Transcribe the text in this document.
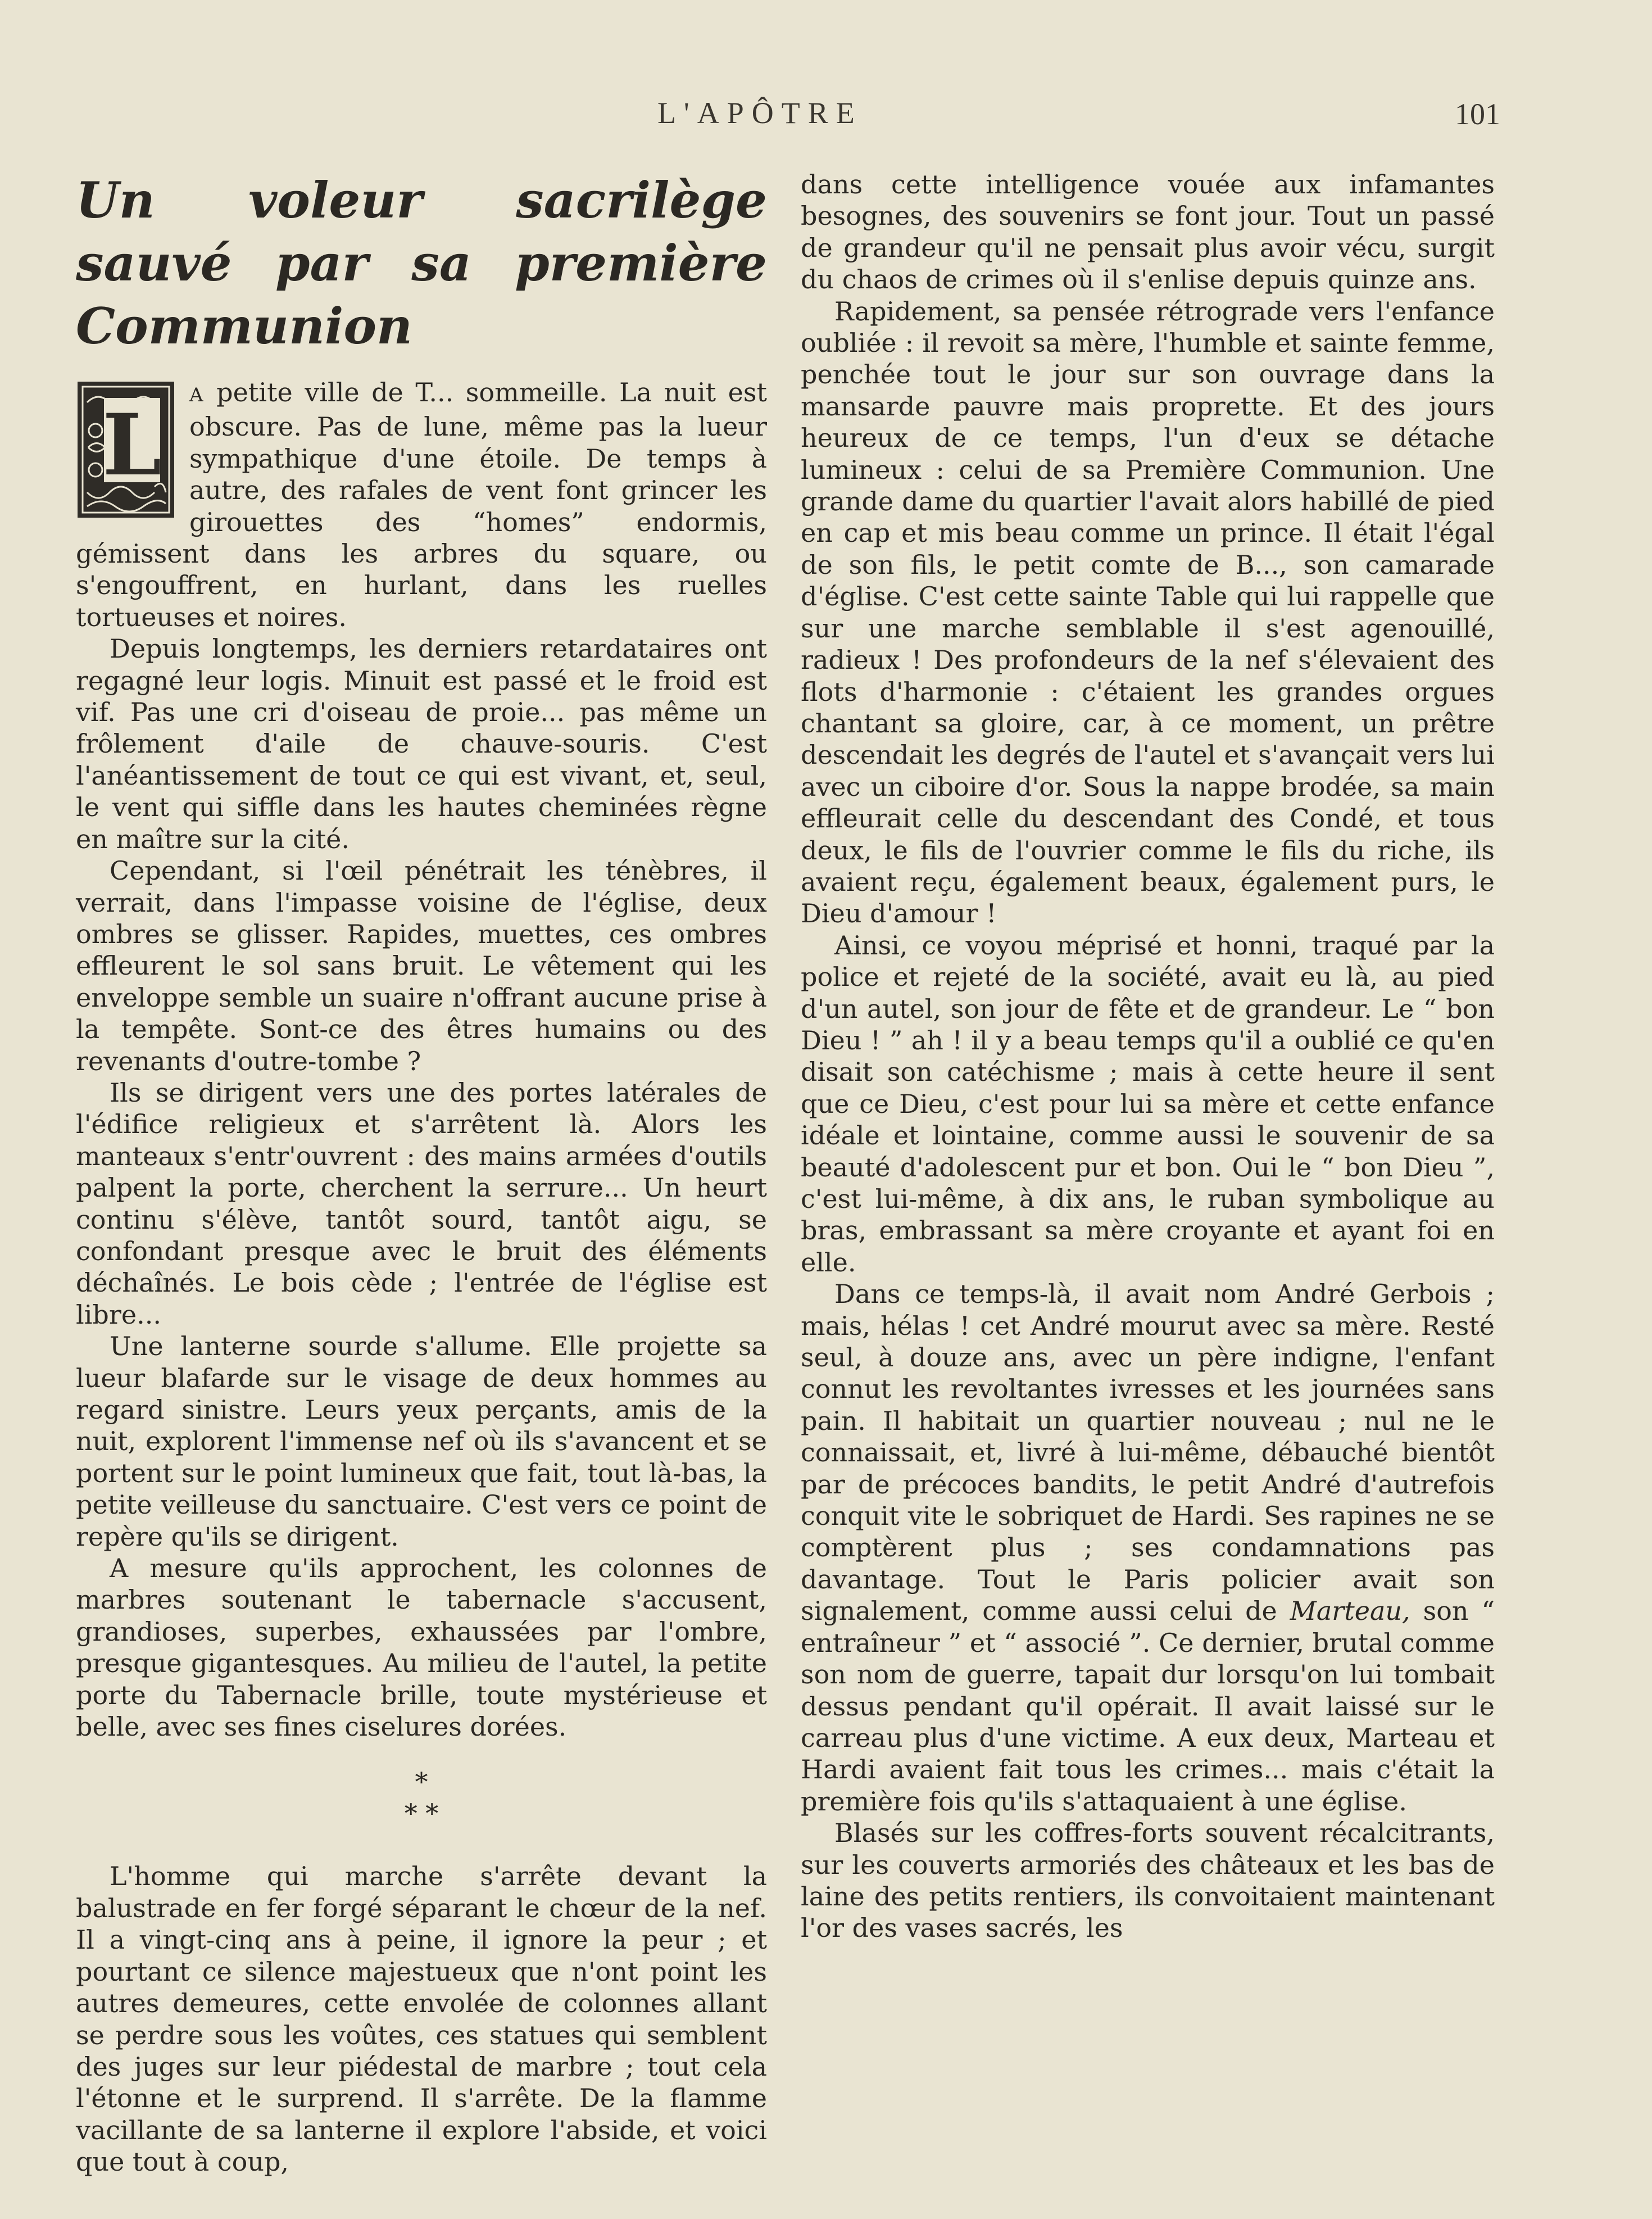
L'APÔTRE	101
Un voleur sacrilège sauvé par sa première Communion

L
A petite ville de T... sommeille. La nuit est obscure. Pas de lune, même pas la lueur sympathique d'une étoile. De temps à autre, des rafales de vent font grincer les girouettes des “homes” endormis, gémissent dans les arbres du square, ou s'engouffrent, en hurlant, dans les ruelles tortueuses et noires.

Depuis longtemps, les derniers retardataires ont regagné leur logis. Minuit est passé et le froid est vif. Pas une cri d'oiseau de proie... pas même un frôlement d'aile de chauve-souris. C'est l'anéantissement de tout ce qui est vivant, et, seul, le vent qui siffle dans les hautes cheminées règne en maître sur la cité.

Cependant, si l'œil pénétrait les ténèbres, il verrait, dans l'impasse voisine de l'église, deux ombres se glisser. Rapides, muettes, ces ombres effleurent le sol sans bruit. Le vêtement qui les enveloppe semble un suaire n'offrant aucune prise à la tempête. Sont-ce des êtres humains ou des revenants d'outre-tombe ?

Ils se dirigent vers une des portes latérales de l'édifice religieux et s'arrêtent là. Alors les manteaux s'entr'ouvrent : des mains armées d'outils palpent la porte, cherchent la serrure... Un heurt continu s'élève, tantôt sourd, tantôt aigu, se confondant presque avec le bruit des éléments déchaînés. Le bois cède ; l'entrée de l'église est libre...

Une lanterne sourde s'allume. Elle projette sa lueur blafarde sur le visage de deux hommes au regard sinistre. Leurs yeux perçants, amis de la nuit, explorent l'immense nef où ils s'avancent et se portent sur le point lumineux que fait, tout là-bas, la petite veilleuse du sanctuaire. C'est vers ce point de repère qu'ils se dirigent.

A mesure qu'ils approchent, les colonnes de marbres soutenant le tabernacle s'accusent, grandioses, superbes, exhaussées par l'ombre, presque gigantesques. Au milieu de l'autel, la petite porte du Tabernacle brille, toute mystérieuse et belle, avec ses fines ciselures dorées.

*
* *

L'homme qui marche s'arrête devant la balustrade en fer forgé séparant le chœur de la nef. Il a vingt-cinq ans à peine, il ignore la peur ; et pourtant ce silence majestueux que n'ont point les autres demeures, cette envolée de colonnes allant se perdre sous les voûtes, ces statues qui semblent des juges sur leur piédestal de marbre ; tout cela l'étonne et le surprend. Il s'arrête. De la flamme vacillante de sa lanterne il explore l'abside, et voici que tout à coup,

dans cette intelligence vouée aux infamantes besognes, des souvenirs se font jour. Tout un passé de grandeur qu'il ne pensait plus avoir vécu, surgit du chaos de crimes où il s'enlise depuis quinze ans.

Rapidement, sa pensée rétrograde vers l'enfance oubliée : il revoit sa mère, l'humble et sainte femme, penchée tout le jour sur son ouvrage dans la mansarde pauvre mais proprette. Et des jours heureux de ce temps, l'un d'eux se détache lumineux : celui de sa Première Communion. Une grande dame du quartier l'avait alors habillé de pied en cap et mis beau comme un prince. Il était l'égal de son fils, le petit comte de B..., son camarade d'église. C'est cette sainte Table qui lui rappelle que sur une marche semblable il s'est agenouillé, radieux ! Des profondeurs de la nef s'élevaient des flots d'harmonie : c'étaient les grandes orgues chantant sa gloire, car, à ce moment, un prêtre descendait les degrés de l'autel et s'avançait vers lui avec un ciboire d'or. Sous la nappe brodée, sa main effleurait celle du descendant des Condé, et tous deux, le fils de l'ouvrier comme le fils du riche, ils avaient reçu, également beaux, également purs, le Dieu d'amour !

Ainsi, ce voyou méprisé et honni, traqué par la police et rejeté de la société, avait eu là, au pied d'un autel, son jour de fête et de grandeur. Le “ bon Dieu ! ” ah ! il y a beau temps qu'il a oublié ce qu'en disait son catéchisme ; mais à cette heure il sent que ce Dieu, c'est pour lui sa mère et cette enfance idéale et lointaine, comme aussi le souvenir de sa beauté d'adolescent pur et bon. Oui le “ bon Dieu ”, c'est lui-même, à dix ans, le ruban symbolique au bras, embrassant sa mère croyante et ayant foi en elle.

Dans ce temps-là, il avait nom André Gerbois ; mais, hélas ! cet André mourut avec sa mère. Resté seul, à douze ans, avec un père indigne, l'enfant connut les revoltantes ivresses et les journées sans pain. Il habitait un quartier nouveau ; nul ne le connaissait, et, livré à lui-même, débauché bientôt par de précoces bandits, le petit André d'autrefois conquit vite le sobriquet de Hardi. Ses rapines ne se comptèrent plus ; ses condamnations pas davantage. Tout le Paris policier avait son signalement, comme aussi celui de Marteau, son “ entraîneur ” et “ associé ”. Ce dernier, brutal comme son nom de guerre, tapait dur lorsqu'on lui tombait dessus pendant qu'il opérait. Il avait laissé sur le carreau plus d'une victime. A eux deux, Marteau et Hardi avaient fait tous les crimes... mais c'était la première fois qu'ils s'attaquaient à une église.

Blasés sur les coffres-forts souvent récalcitrants, sur les couverts armoriés des châteaux et les bas de laine des petits rentiers, ils convoitaient maintenant l'or des vases sacrés, les
